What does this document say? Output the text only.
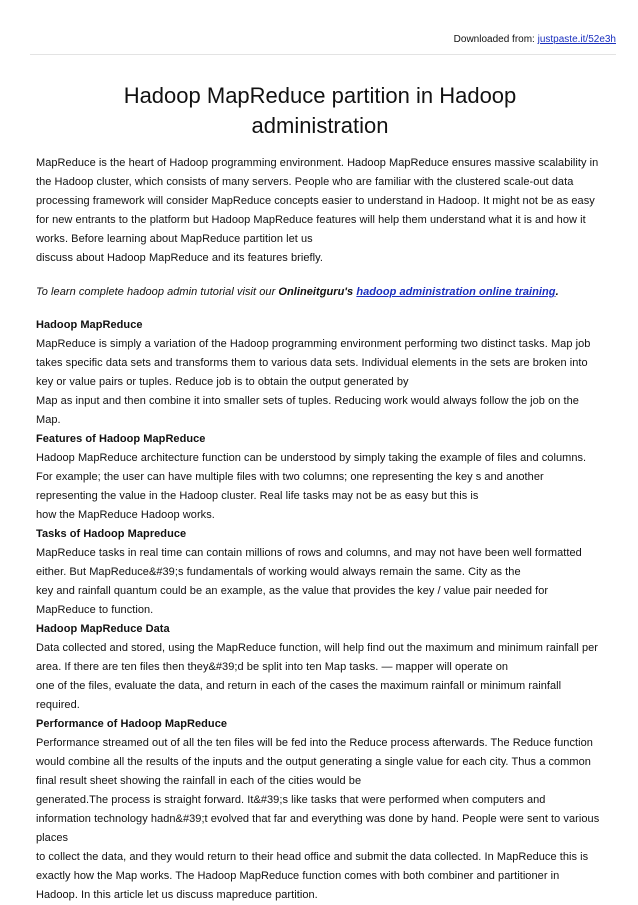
Downloaded from: justpaste.it/52e3h
Hadoop MapReduce partition in Hadoop
administration

MapReduce is the heart of Hadoop programming environment. Hadoop MapReduce ensures massive scalability in

the Hadoop cluster, which consists of many servers. People who are familiar with the clustered scale-out data

processing framework will consider MapReduce concepts easier to understand in Hadoop. It might not be as easy

for new entrants to the platform but Hadoop MapReduce features will help them understand what it is and how it

works. Before learning about MapReduce partition let us

discuss about Hadoop MapReduce and its features briefly.

To learn complete hadoop admin tutorial visit our Onlineitguru's hadoop administration online training.

Hadoop MapReduce

MapReduce is simply a variation of the Hadoop programming environment performing two distinct tasks. Map job

takes specific data sets and transforms them to various data sets. Individual elements in the sets are broken into

key or value pairs or tuples. Reduce job is to obtain the output generated by

Map as input and then combine it into smaller sets of tuples. Reducing work would always follow the job on the

Map.

Features of Hadoop MapReduce

Hadoop MapReduce architecture function can be understood by simply taking the example of files and columns.

For example; the user can have multiple files with two columns; one representing the key s and another

representing the value in the Hadoop cluster. Real life tasks may not be as easy but this is

how the MapReduce Hadoop works.

Tasks of Hadoop Mapreduce

MapReduce tasks in real time can contain millions of rows and columns, and may not have been well formatted

either. But MapReduce&#39;s fundamentals of working would always remain the same. City as the

key and rainfall quantum could be an example, as the value that provides the key / value pair needed for

MapReduce to function.

Hadoop MapReduce Data

Data collected and stored, using the MapReduce function, will help find out the maximum and minimum rainfall per

area. If there are ten files then they&#39;d be split into ten Map tasks. — mapper will operate on

one of the files, evaluate the data, and return in each of the cases the maximum rainfall or minimum rainfall

required.

Performance of Hadoop MapReduce

Performance streamed out of all the ten files will be fed into the Reduce process afterwards. The Reduce function

would combine all the results of the inputs and the output generating a single value for each city. Thus a common

final result sheet showing the rainfall in each of the cities would be

generated.The process is straight forward. It&#39;s like tasks that were performed when computers and

information technology hadn&#39;t evolved that far and everything was done by hand. People were sent to various

places

to collect the data, and they would return to their head office and submit the data collected. In MapReduce this is

exactly how the Map works. The Hadoop MapReduce function comes with both combiner and partitioner in

Hadoop. In this article let us discuss mapreduce partition.
